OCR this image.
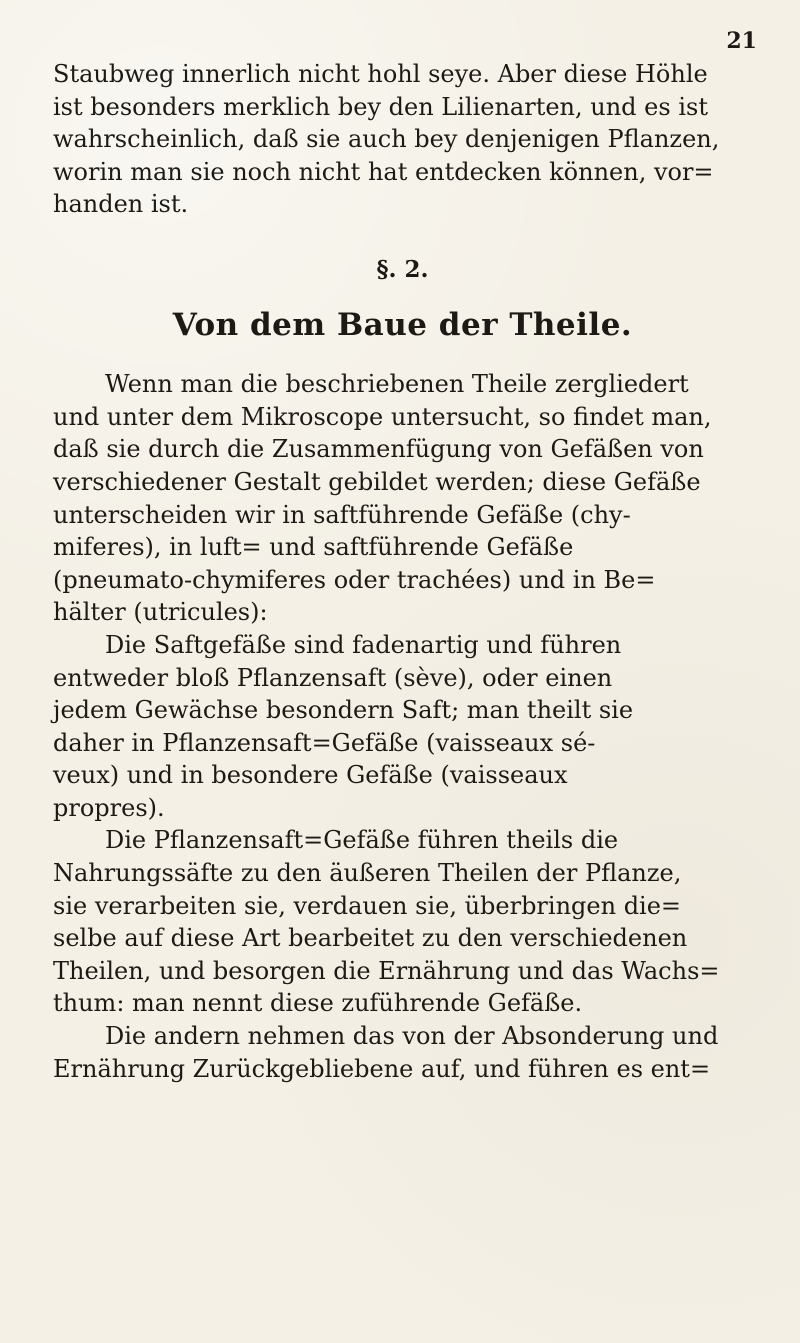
21
Staubweg innerlich nicht hohl seye. Aber diese Höhle
ist besonders merklich bey den Lilienarten, und es ist
wahrscheinlich, daß sie auch bey denjenigen Pflanzen,
worin man sie noch nicht hat entdecken können, vor=
handen ist.
§. 2.
Von dem Baue der Theile.
Wenn man die beschriebenen Theile zergliedert
und unter dem Mikroscope untersucht, so findet man,
daß sie durch die Zusammenfügung von Gefäßen von
verschiedener Gestalt gebildet werden; diese Gefäße
unterscheiden wir in saftführende Gefäße (chy-
miferes), in luft= und saftführende Gefäße
(pneumato-chymiferes oder trachées) und in Be=
hälter (utricules):
Die Saftgefäße sind fadenartig und führen
entweder bloß Pflanzensaft (sève), oder einen
jedem Gewächse besondern Saft; man theilt sie
daher in Pflanzensaft=Gefäße (vaisseaux sé-
veux) und in besondere Gefäße (vaisseaux
propres).
Die Pflanzensaft=Gefäße führen theils die
Nahrungssäfte zu den äußeren Theilen der Pflanze,
sie verarbeiten sie, verdauen sie, überbringen die=
selbe auf diese Art bearbeitet zu den verschiedenen
Theilen, und besorgen die Ernährung und das Wachs=
thum: man nennt diese zuführende Gefäße.
Die andern nehmen das von der Absonderung und
Ernährung Zurückgebliebene auf, und führen es ent=
